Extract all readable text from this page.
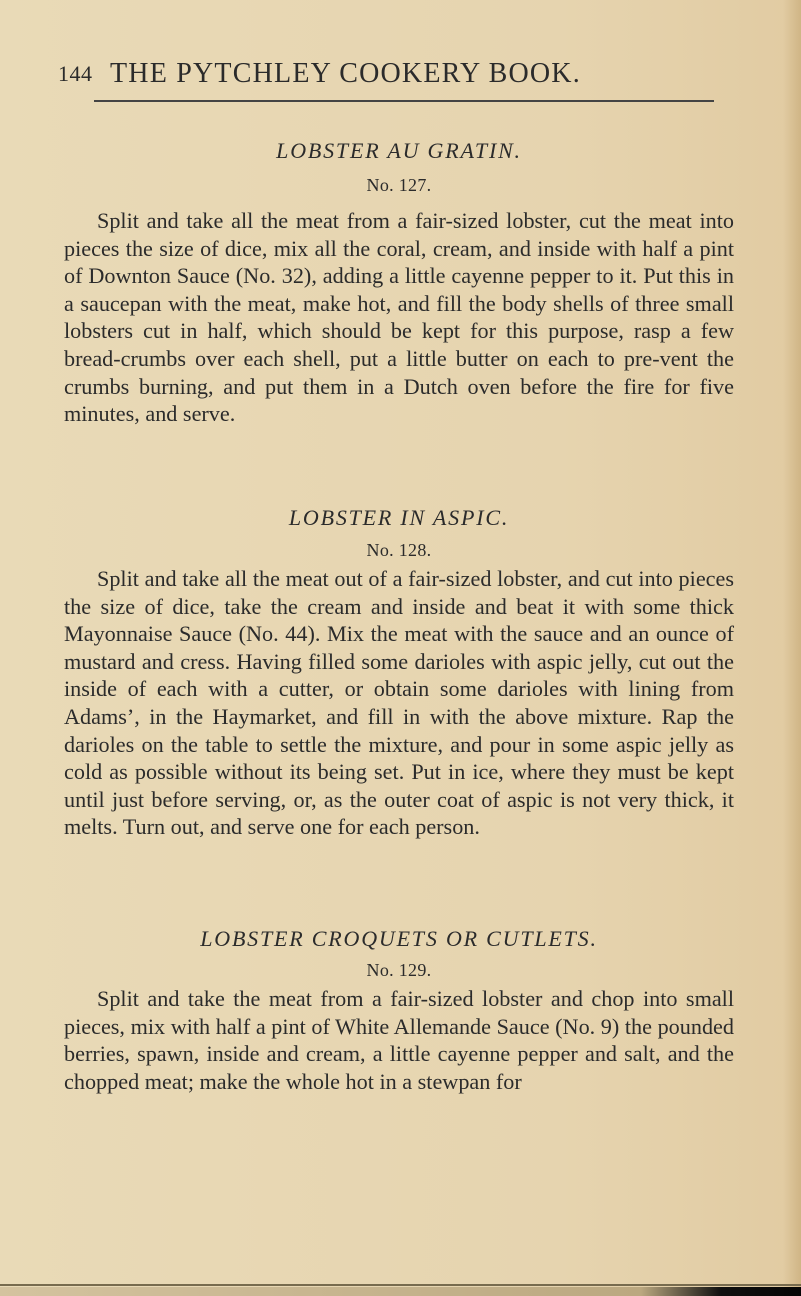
144 THE PYTCHLEY COOKERY BOOK.
LOBSTER AU GRATIN.
No. 127.

Split and take all the meat from a fair-sized lobster, cut the meat into pieces the size of dice, mix all the coral, cream, and inside with half a pint of Downton Sauce (No. 32), adding a little cayenne pepper to it. Put this in a saucepan with the meat, make hot, and fill the body shells of three small lobsters cut in half, which should be kept for this purpose, rasp a few bread-crumbs over each shell, put a little butter on each to pre-vent the crumbs burning, and put them in a Dutch oven before the fire for five minutes, and serve.

LOBSTER IN ASPIC.
No. 128.

Split and take all the meat out of a fair-sized lobster, and cut into pieces the size of dice, take the cream and inside and beat it with some thick Mayonnaise Sauce (No. 44). Mix the meat with the sauce and an ounce of mustard and cress. Having filled some darioles with aspic jelly, cut out the inside of each with a cutter, or obtain some darioles with lining from Adams’, in the Haymarket, and fill in with the above mixture. Rap the darioles on the table to settle the mixture, and pour in some aspic jelly as cold as possible without its being set. Put in ice, where they must be kept until just before serving, or, as the outer coat of aspic is not very thick, it melts. Turn out, and serve one for each person.

LOBSTER CROQUETS OR CUTLETS.
No. 129.

Split and take the meat from a fair-sized lobster and chop into small pieces, mix with half a pint of White Allemande Sauce (No. 9) the pounded berries, spawn, inside and cream, a little cayenne pepper and salt, and the chopped meat; make the whole hot in a stewpan for
